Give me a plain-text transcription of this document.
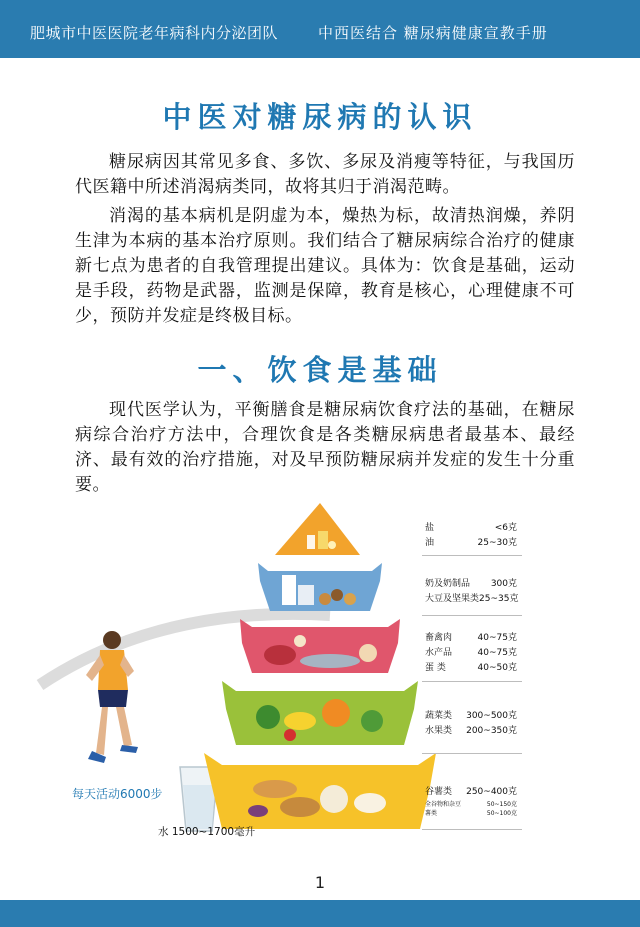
肥城市中医医院老年病科内分泌团队	中西医结合 糖尿病健康宣教手册
中医对糖尿病的认识

糖尿病因其常见多食、多饮、多尿及消瘦等特征，与我国历代医籍中所述消渴病类同，故将其归于消渴范畴。

消渴的基本病机是阴虚为本，燥热为标，故清热润燥，养阴生津为本病的基本治疗原则。我们结合了糖尿病综合治疗的健康新七点为患者的自我管理提出建议。具体为：饮食是基础，运动是手段，药物是武器，监测是保障，教育是核心，心理健康不可少，预防并发症是终极目标。

一、饮食是基础

现代医学认为，平衡膳食是糖尿病饮食疗法的基础，在糖尿病综合治疗方法中，合理饮食是各类糖尿病患者最基本、最经济、最有效的治疗措施，对及早预防糖尿病并发症的发生十分重要。

每天活动6000步
水 1500~1700毫升
盐	<6克
油	25~30克
奶及奶制品 300克
大豆及坚果类 25~35克
畜禽肉	40~75克
水产品	40~75克
蛋 类	40~50克
蔬菜类 300~500克
水果类 200~350克
谷薯类 250~400克
全谷物和杂豆	50~150克
薯类	50~100克
1
